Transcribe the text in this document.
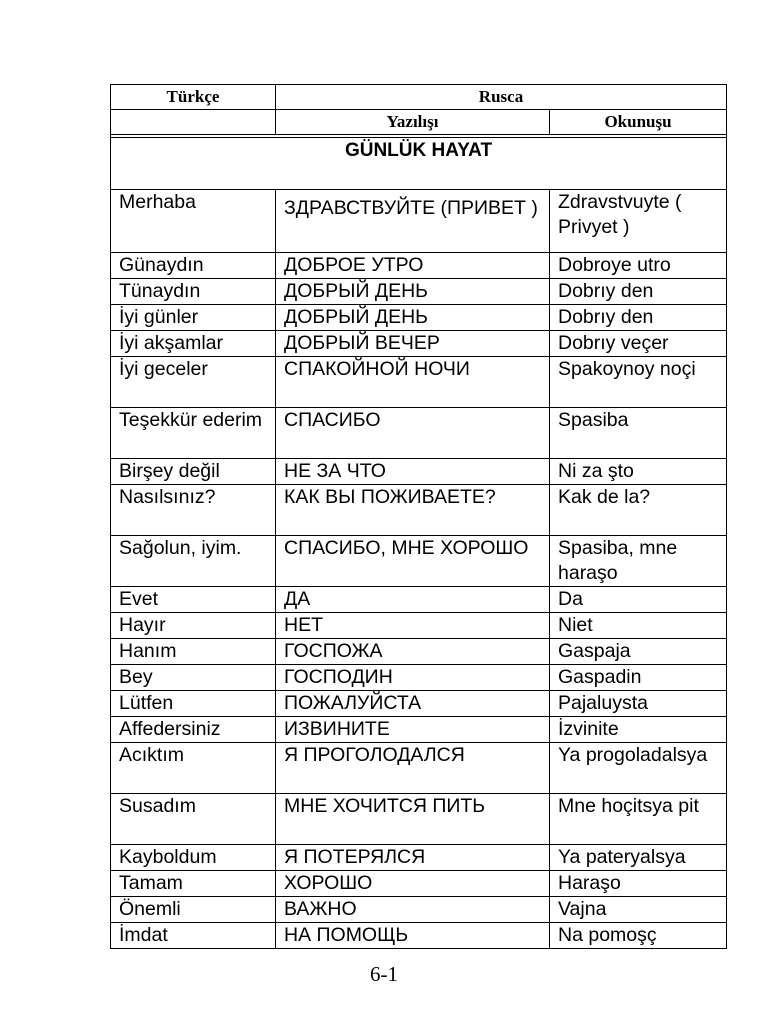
Türkçe	Rusca	
	Yazılışı	Okunuşu

GÜNLÜK HAYAT		
Merhaba	ЗДРАВСТВУЙТЕ (ПРИВЕТ )	Zdravstvuyte ( Privyet )
Günaydın	ДОБРОЕ УТРО	Dobroye utro
Tünaydın	ДОБРЫЙ ДЕНЬ	Dobrıy den
İyi günler	ДОБРЫЙ ДЕНЬ	Dobrıy den
İyi akşamlar	ДОБРЫЙ ВЕЧЕР	Dobrıy veçer
İyi geceler	СПАКОЙНОЙ НОЧИ	Spakoynoy noçi
Teşekkür ederim	СПАСИБО	Spasiba
Birşey değil	НЕ ЗА ЧТО	Ni za ştо
Nasılsınız?	КАК ВЫ ПОЖИВАЕТЕ?	Kak de la?
Sağolun, iyim.	СПАСИБО, МНЕ ХОРОШО	Spasiba, mne haraşo
Evet	ДА	Da
Hayır	НЕТ	Niet
Hanım	ГОСПОЖА	Gaspaja
Bey	ГОСПОДИН	Gaspadin
Lütfen	ПОЖАЛУЙСТА	Pajaluysta
Affedersiniz	ИЗВИНИТЕ	İzvinite
Acıktım	Я ПРОГОЛОДАЛСЯ	Ya progoladalsya
Susadım	МНЕ ХОЧИТСЯ ПИТЬ	Mne hoçitsya pit
Kayboldum	Я ПОТЕРЯЛСЯ	Ya pateryalsya
Tamam	ХОРОШО	Haraşo
Önemli	ВАЖНО	Vajna
İmdat	НА ПОМОЩЬ	Na pomoşç
6-1
